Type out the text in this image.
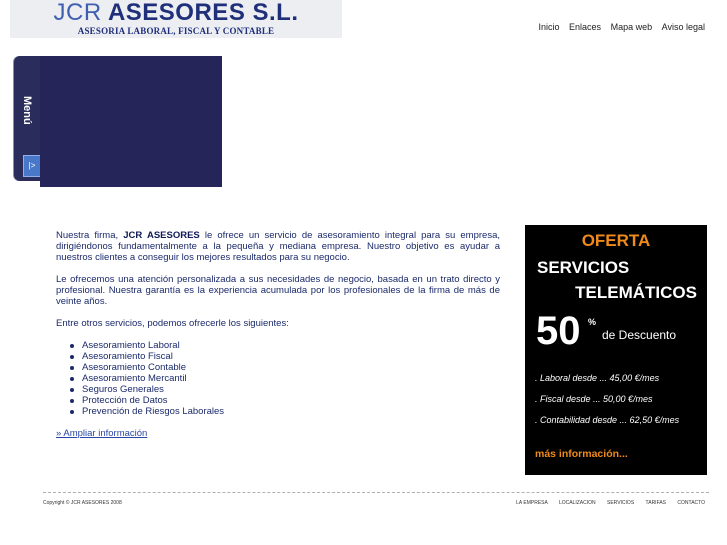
JCR ASESORES S.L.
ASESORIA LABORAL, FISCAL Y CONTABLE	Inicio Enlaces Mapa web Aviso legal
Menú
|>

Nuestra firma, JCR ASESORES le ofrece un servicio de asesoramiento integral para su empresa, dirigiéndonos fundamentalmente a la pequeña y mediana empresa. Nuestro objetivo es ayudar a nuestros clientes a conseguir los mejores resultados para su negocio.

Le ofrecemos una atención personalizada a sus necesidades de negocio, basada en un trato directo y profesional. Nuestra garantía es la experiencia acumulada por los profesionales de la firma de más de veinte años.

Entre otros servicios, podemos ofrecerle los siguientes:

Asesoramiento Laboral
Asesoramiento Fiscal
Asesoramiento Contable
Asesoramiento Mercantil
Seguros Generales
Protección de Datos
Prevención de Riesgos Laborales
» Ampliar información
OFERTA
SERVICIOS
TELEMÁTICOS
50 %
de Descuento
. Laboral desde ... 45,00 €/mes
. Fiscal desde ... 50,00 €/mes
. Contabilidad desde ... 62,50 €/mes
más información...
Copyright © JCR ASESORES 2008	LA EMPRESA LOCALIZACION SERVICIOS TARIFAS CONTACTO
